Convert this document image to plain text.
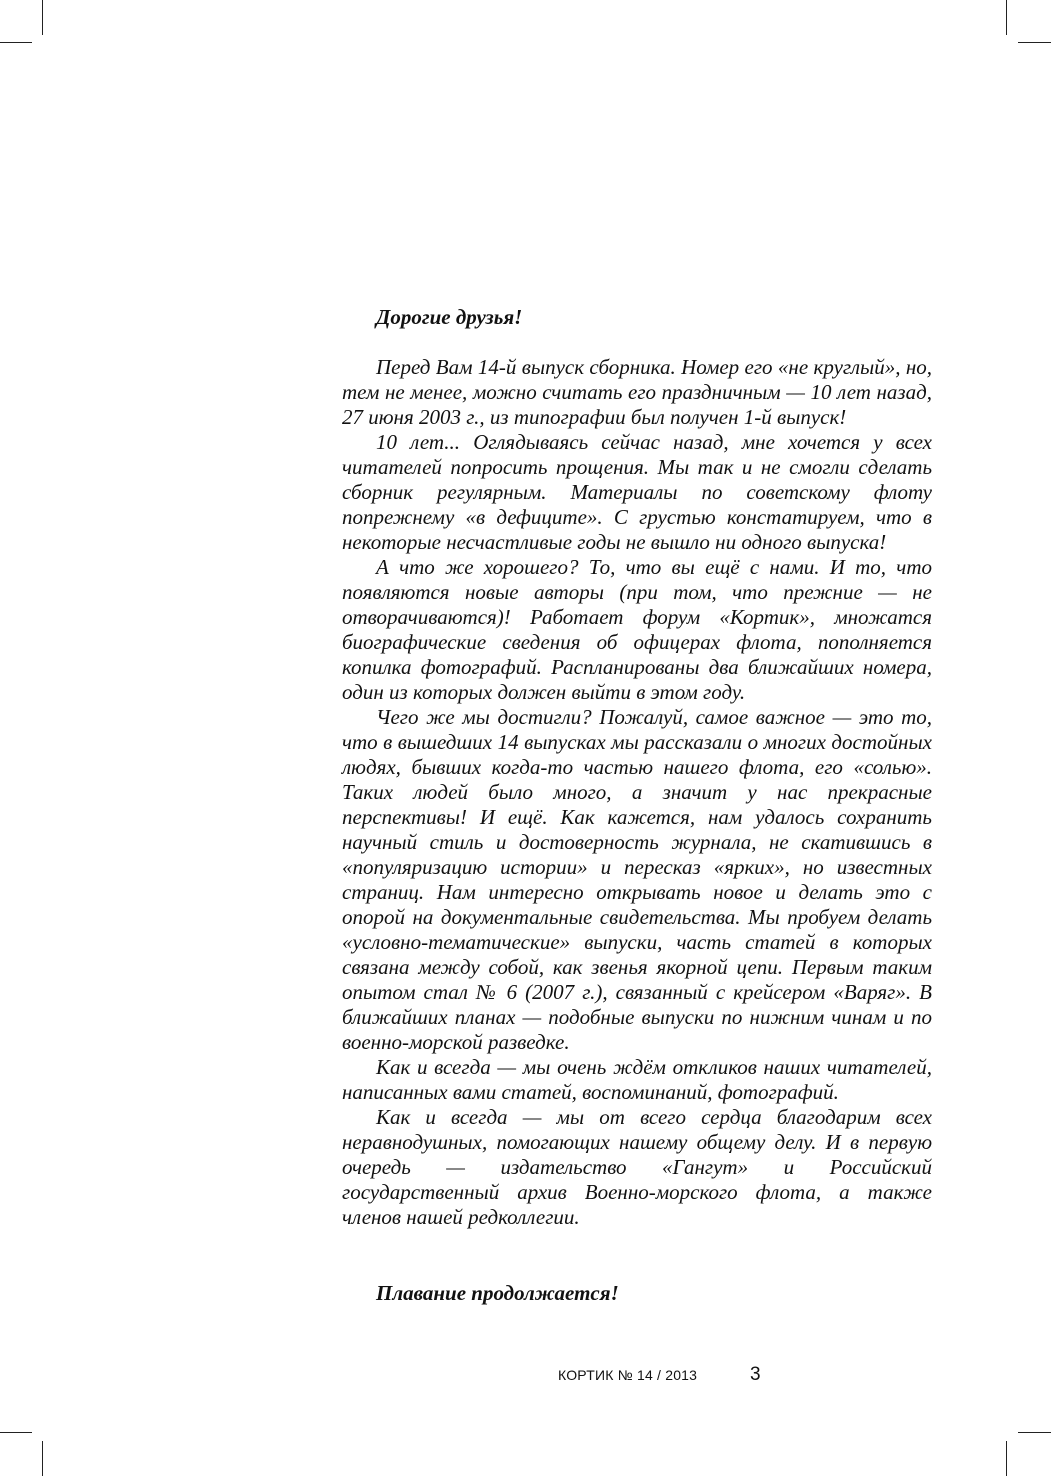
Дорогие друзья!

Перед Вам 14-й выпуск сборника. Номер его «не круглый», но, тем не менее, можно считать его праздничным — 10 лет назад, 27 июня 2003 г., из типографии был получен 1-й выпуск!

10 лет... Оглядываясь сейчас назад, мне хочется у всех читателей попросить прощения. Мы так и не смогли сделать сборник регулярным. Материалы по советскому флоту попрежнему «в дефиците». С грустью констатируем, что в некоторые несчастливые годы не вышло ни одного выпуска!

А что же хорошего? То, что вы ещё с нами. И то, что появляются новые авторы (при том, что прежние — не отворачиваются)! Работает форум «Кортик», множатся биографические сведения об офицерах флота, пополняется копилка фотографий. Распланированы два ближайших номера, один из которых должен выйти в этом году.

Чего же мы достигли? Пожалуй, самое важное — это то, что в вышедших 14 выпусках мы рассказали о многих достойных людях, бывших когда-то частью нашего флота, его «солью». Таких людей было много, а значит у нас прекрасные перспективы! И ещё. Как кажется, нам удалось сохранить научный стиль и достоверность журнала, не скатившись в «популяризацию истории» и пересказ «ярких», но известных страниц. Нам интересно открывать новое и делать это с опорой на документальные свидетельства. Мы пробуем делать «условно-тематические» выпуски, часть статей в которых связана между собой, как звенья якорной цепи. Первым таким опытом стал № 6 (2007 г.), связанный с крейсером «Варяг». В ближайших планах — подобные выпуски по нижним чинам и по военно-морской разведке.

Как и всегда — мы очень ждём откликов наших читателей, написанных вами статей, воспоминаний, фотографий.

Как и всегда — мы от всего сердца благодарим всех неравнодушных, помогающих нашему общему делу. И в первую очередь — издательство «Гангут» и Российский государственный архив Военно-морского флота, а также членов нашей редколлегии.

Плавание продолжается!

КОРТИК № 14 / 2013	3
